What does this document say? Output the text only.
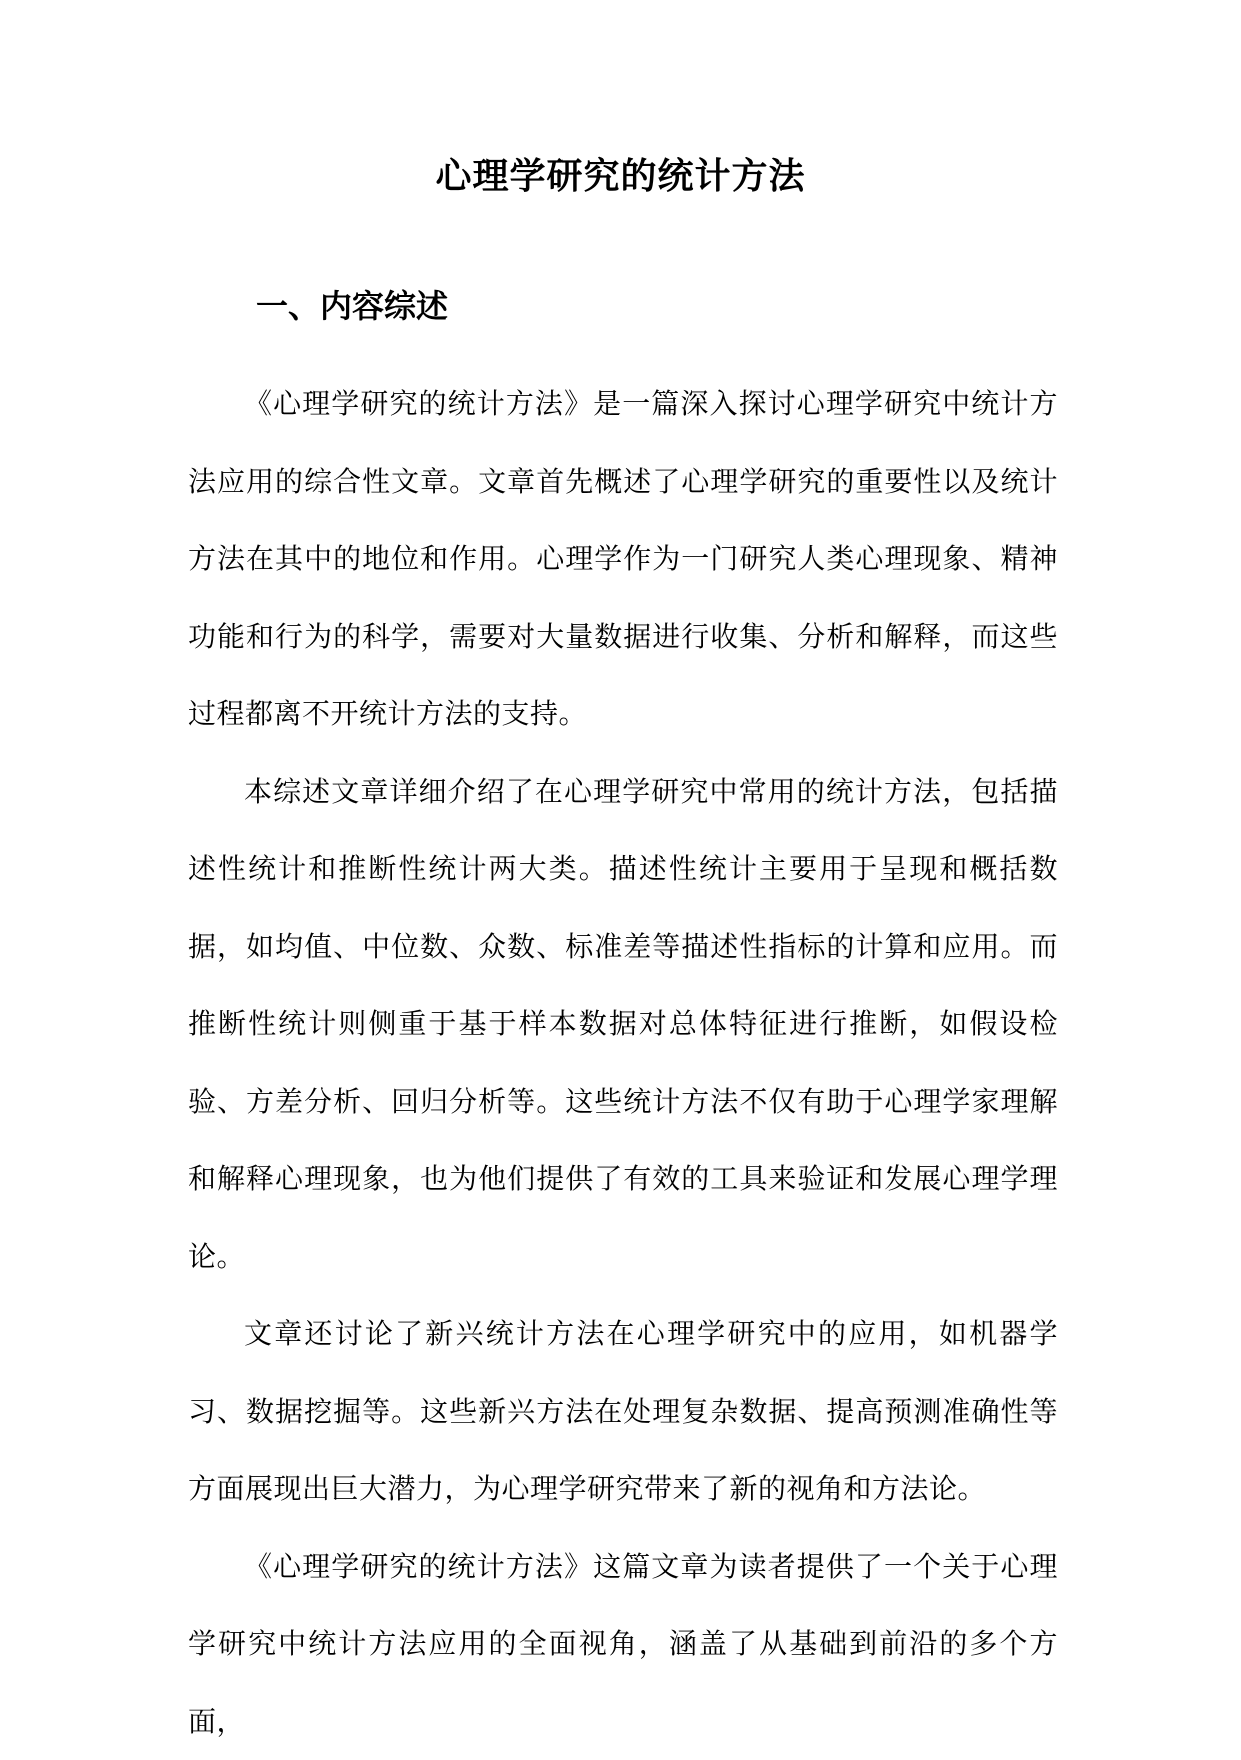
心理学研究的统计方法
一、内容综述

《心理学研究的统计方法》是一篇深入探讨心理学研究中统计方法应用的综合性文章。文章首先概述了心理学研究的重要性以及统计方法在其中的地位和作用。心理学作为一门研究人类心理现象、精神功能和行为的科学，需要对大量数据进行收集、分析和解释，而这些过程都离不开统计方法的支持。

本综述文章详细介绍了在心理学研究中常用的统计方法，包括描述性统计和推断性统计两大类。描述性统计主要用于呈现和概括数据，如均值、中位数、众数、标准差等描述性指标的计算和应用。而推断性统计则侧重于基于样本数据对总体特征进行推断，如假设检验、方差分析、回归分析等。这些统计方法不仅有助于心理学家理解和解释心理现象，也为他们提供了有效的工具来验证和发展心理学理论。

文章还讨论了新兴统计方法在心理学研究中的应用，如机器学习、数据挖掘等。这些新兴方法在处理复杂数据、提高预测准确性等方面展现出巨大潜力，为心理学研究带来了新的视角和方法论。

《心理学研究的统计方法》这篇文章为读者提供了一个关于心理学研究中统计方法应用的全面视角，涵盖了从基础到前沿的多个方面，
